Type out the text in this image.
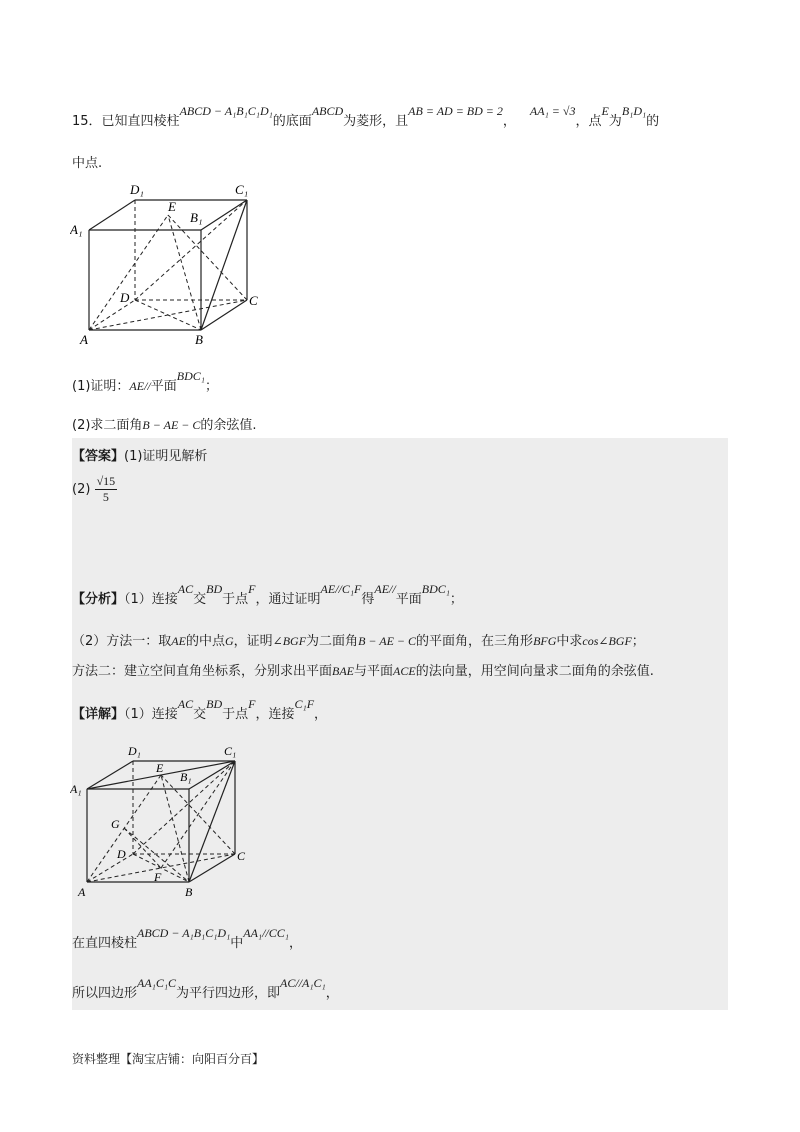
15．已知直四棱柱ABCD − A₁B₁C₁D₁的底面ABCD为菱形，且AB = AD = BD = 2，AA₁ = √3，点E为B₁D₁的
中点.
D₁	C₁
A₁
B₁
E
D	C
A	B
(1)证明：AE//平面BDC₁；
(2)求二面角B − AE − C的余弦值.
【答案】(1)证明见解析
$(2) \frac{√15}{5}$
【分析】（1）连接AC交BD于点F，通过证明AE//C₁F得AE//平面BDC₁；
（2）方法一：取AE的中点G，证明∠BGF为二面角B − AE − C的平面角，在三角形BFG中求cos∠BGF；
方法二：建立空间直角坐标系，分别求出平面BAE与平面ACE的法向量，用空间向量求二面角的余弦值.
【详解】（1）连接AC交BD于点F，连接C₁F，
D₁	C₁
E
B₁
A₁
G
D	C
F
A	B
在直四棱柱ABCD − A₁B₁C₁D₁中AA₁//CC₁，
所以四边形AA₁C₁C为平行四边形，即AC//A₁C₁，
资料整理【淘宝店铺：向阳百分百】
